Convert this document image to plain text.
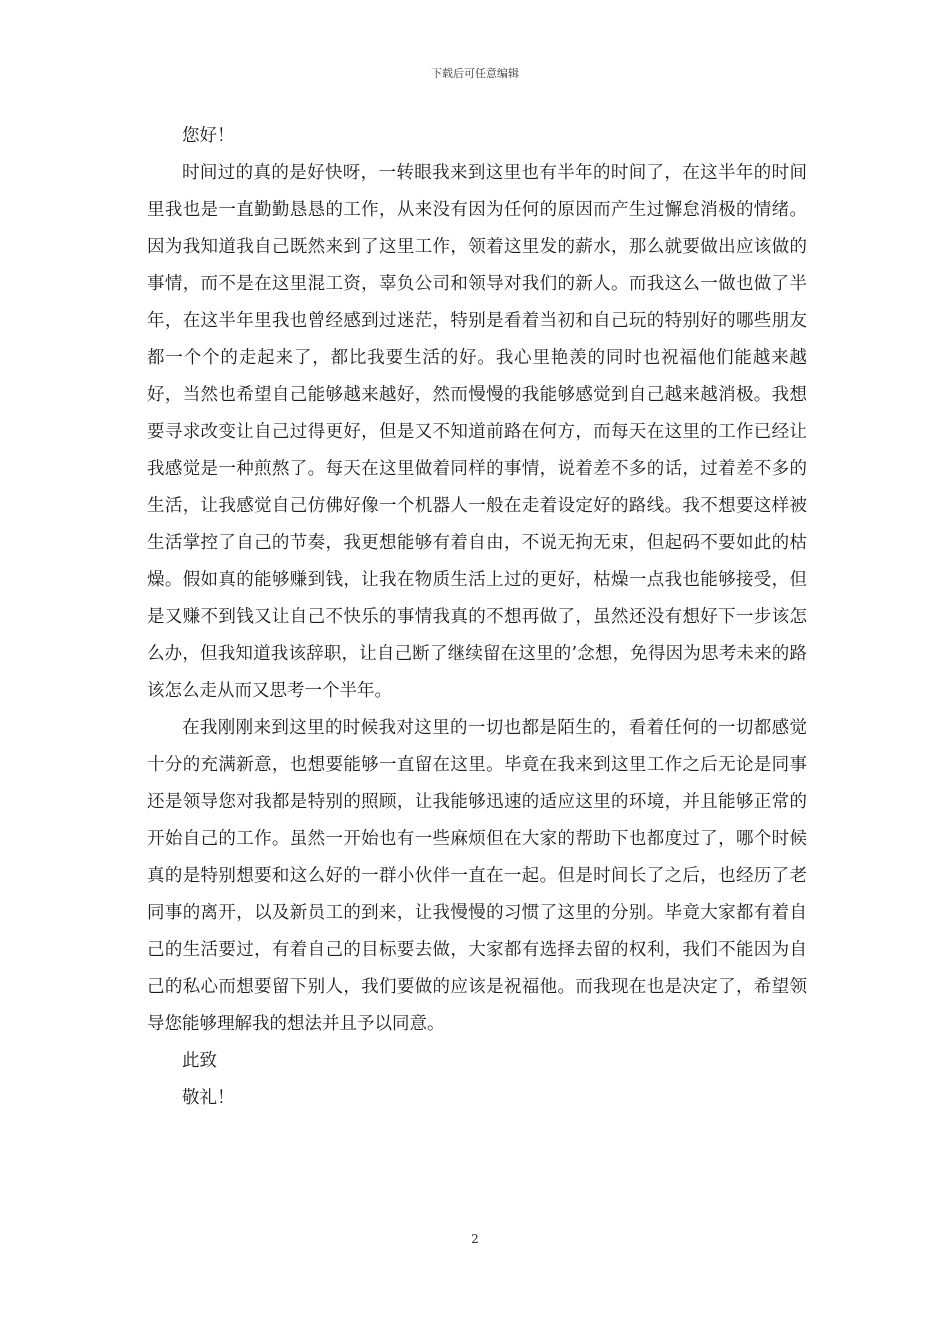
下载后可任意编辑

您好！

时间过的真的是好快呀，一转眼我来到这里也有半年的时间了，在这半年的时间里我也是一直勤勤恳恳的工作，从来没有因为任何的原因而产生过懈怠消极的情绪。因为我知道我自己既然来到了这里工作，领着这里发的薪水，那么就要做出应该做的事情，而不是在这里混工资，辜负公司和领导对我们的新人。而我这么一做也做了半年，在这半年里我也曾经感到过迷茫，特别是看着当初和自己玩的特别好的哪些朋友都一个个的走起来了，都比我要生活的好。我心里艳羡的同时也祝福他们能越来越好，当然也希望自己能够越来越好，然而慢慢的我能够感觉到自己越来越消极。我想要寻求改变让自己过得更好，但是又不知道前路在何方，而每天在这里的工作已经让我感觉是一种煎熬了。每天在这里做着同样的事情，说着差不多的话，过着差不多的生活，让我感觉自己仿佛好像一个机器人一般在走着设定好的路线。我不想要这样被生活掌控了自己的节奏，我更想能够有着自由，不说无拘无束，但起码不要如此的枯燥。假如真的能够赚到钱，让我在物质生活上过的更好，枯燥一点我也能够接受，但是又赚不到钱又让自己不快乐的事情我真的不想再做了，虽然还没有想好下一步该怎么办，但我知道我该辞职，让自己断了继续留在这里的’念想，免得因为思考未来的路该怎么走从而又思考一个半年。

在我刚刚来到这里的时候我对这里的一切也都是陌生的，看着任何的一切都感觉十分的充满新意，也想要能够一直留在这里。毕竟在我来到这里工作之后无论是同事还是领导您对我都是特别的照顾，让我能够迅速的适应这里的环境，并且能够正常的开始自己的工作。虽然一开始也有一些麻烦但在大家的帮助下也都度过了，哪个时候真的是特别想要和这么好的一群小伙伴一直在一起。但是时间长了之后，也经历了老同事的离开，以及新员工的到来，让我慢慢的习惯了这里的分别。毕竟大家都有着自己的生活要过，有着自己的目标要去做，大家都有选择去留的权利，我们不能因为自己的私心而想要留下别人，我们要做的应该是祝福他。而我现在也是决定了，希望领导您能够理解我的想法并且予以同意。

此致

敬礼！

2
